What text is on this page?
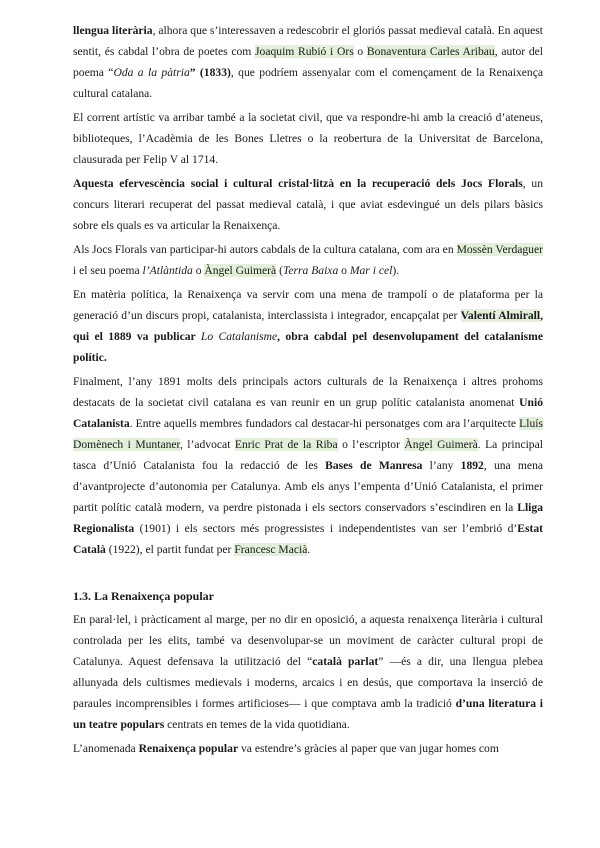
llengua literària, alhora que s’interessaven a redescobrir el gloriós passat medieval català. En aquest sentit, és cabdal l’obra de poetes com Joaquim Rubió i Ors o Bonaventura Carles Aribau, autor del poema “Oda a la pàtria” (1833), que podríem assenyalar com el començament de la Renaixença cultural catalana.

El corrent artístic va arribar també a la societat civil, que va respondre-hi amb la creació d’ateneus, biblioteques, l’Acadèmia de les Bones Lletres o la reobertura de la Universitat de Barcelona, clausurada per Felip V al 1714.

Aquesta efervescència social i cultural cristal·litzà en la recuperació dels Jocs Florals, un concurs literari recuperat del passat medieval català, i que aviat esdevingué un dels pilars bàsics sobre els quals es va articular la Renaixença.

Als Jocs Florals van participar-hi autors cabdals de la cultura catalana, com ara en Mossèn Verdaguer i el seu poema l’Atlàntida o Àngel Guimerà (Terra Baixa o Mar i cel).

En matèria política, la Renaixença va servir com una mena de trampolí o de plataforma per la generació d’un discurs propi, catalanista, interclassista i integrador, encapçalat per Valentí Almirall, qui el 1889 va publicar Lo Catalanisme, obra cabdal pel desenvolupament del catalanisme polític.

Finalment, l’any 1891 molts dels principals actors culturals de la Renaixença i altres prohoms destacats de la societat civil catalana es van reunir en un grup polític catalanista anomenat Unió Catalanista. Entre aquells membres fundadors cal destacar-hi personatges com ara l’arquitecte Lluís Domènech i Muntaner, l’advocat Enric Prat de la Riba o l’escriptor Àngel Guimerà. La principal tasca d’Unió Catalanista fou la redacció de les Bases de Manresa l’any 1892, una mena d’avantprojecte d’autonomia per Catalunya. Amb els anys l’empenta d’Unió Catalanista, el primer partit polític català modern, va perdre pistonada i els sectors conservadors s’escindiren en la Lliga Regionalista (1901) i els sectors més progressistes i independentistes van ser l’embrió d’Estat Català (1922), el partit fundat per Francesc Macià.

1.3. La Renaixença popular

En paral·lel, i pràcticament al marge, per no dir en oposició, a aquesta renaixença literària i cultural controlada per les elits, també va desenvolupar-se un moviment de caràcter cultural propi de Catalunya. Aquest defensava la utilització del “català parlat” —és a dir, una llengua plebea allunyada dels cultismes medievals i moderns, arcaics i en desús, que comportava la inserció de paraules incomprensibles i formes artificioses— i que comptava amb la tradició d’una literatura i un teatre populars centrats en temes de la vida quotidiana.

L’anomenada Renaixença popular va estendre’s gràcies al paper que van jugar homes com
